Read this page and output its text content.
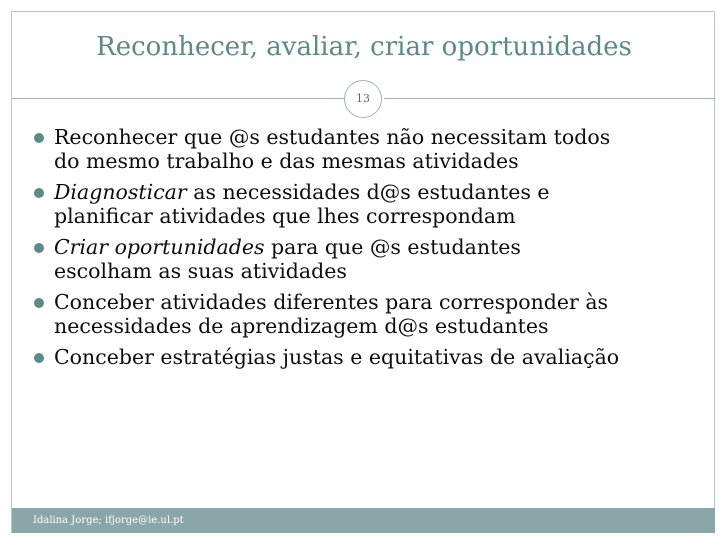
Reconhecer, avaliar, criar oportunidades
13
Reconhecer que @s estudantes não necessitam todos
do mesmo trabalho e das mesmas atividades
Diagnosticar as necessidades d@s estudantes e
planificar atividades que lhes correspondam
Criar oportunidades para que @s estudantes
escolham as suas atividades
Conceber atividades diferentes para corresponder às
necessidades de aprendizagem d@s estudantes
Conceber estratégias justas e equitativas de avaliação
Idalina Jorge; ifjorge@ie.ul.pt
